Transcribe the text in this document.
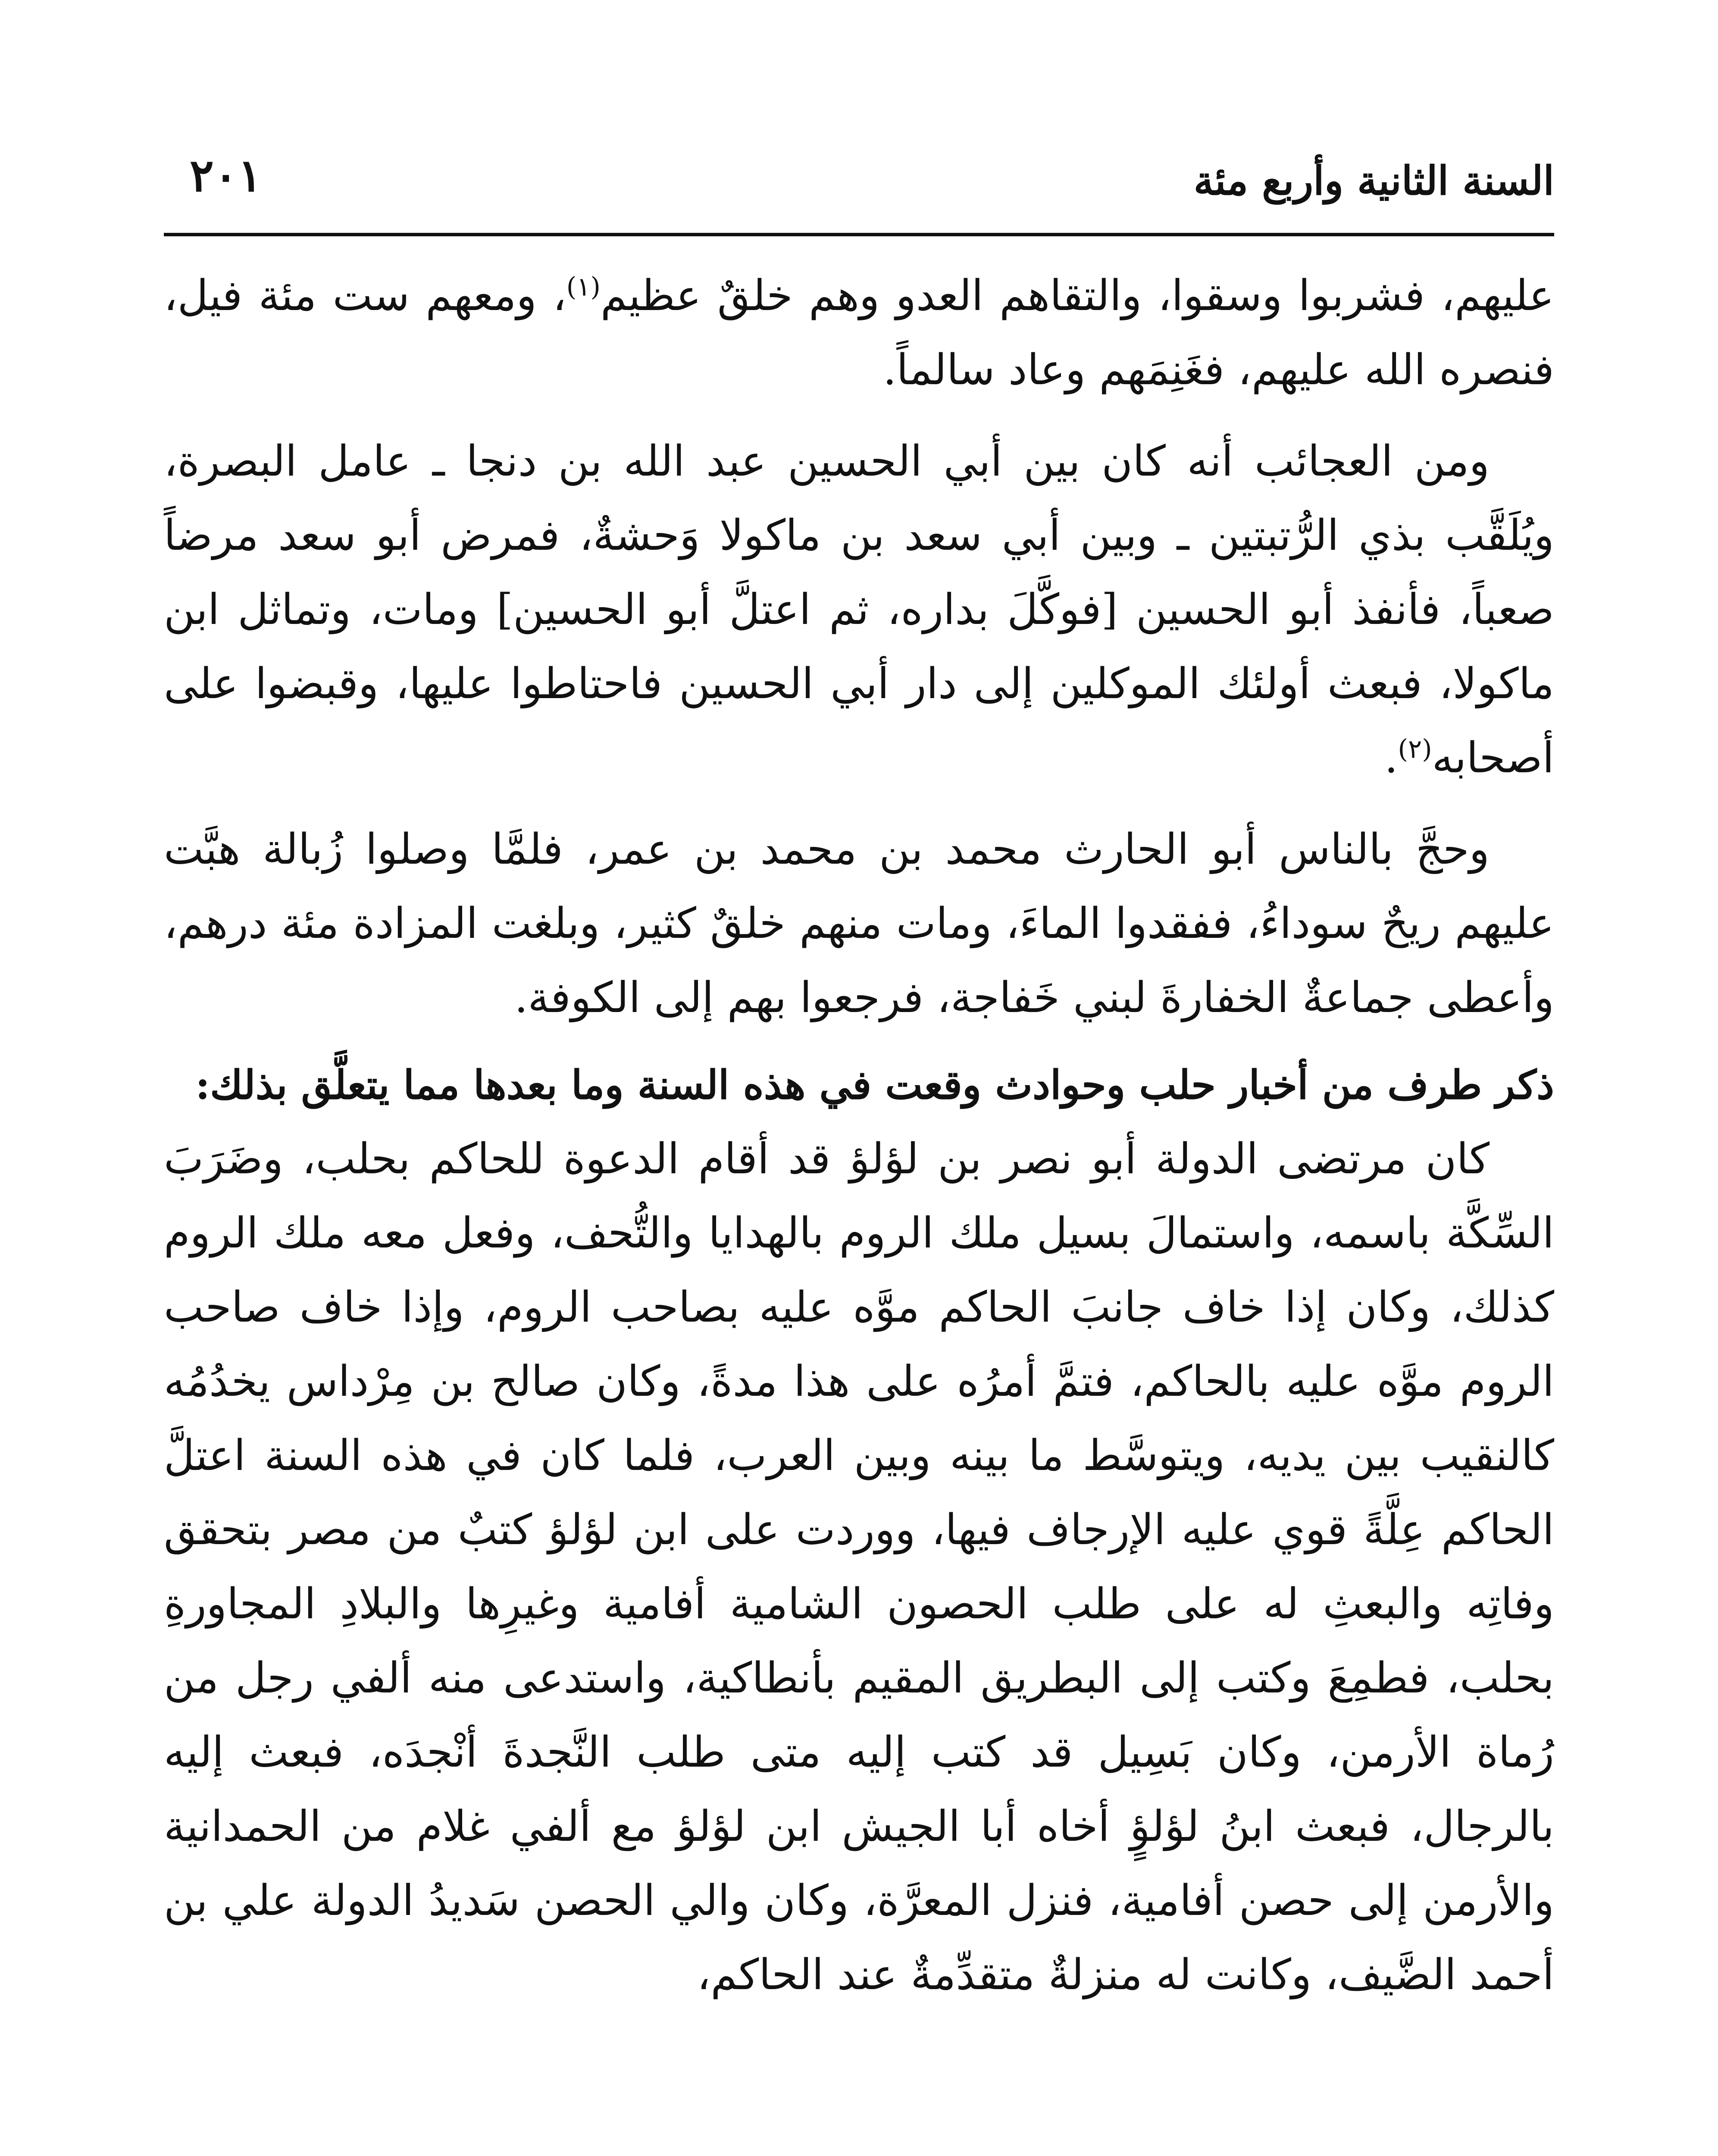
السنة الثانية وأربع مئة
٢٠١

عليهم، فشربوا وسقوا، والتقاهم العدو وهم خلقٌ عظيم$^{(١)}$، ومعهم ست مئة فيل، فنصره الله عليهم، فغَنِمَهم وعاد سالماً.

ومن العجائب أنه كان بين أبي الحسين عبد الله بن دنجا ـ عامل البصرة، ويُلَقَّب بذي الرُّتبتين ـ وبين أبي سعد بن ماكولا وَحشةٌ، فمرض أبو سعد مرضاً صعباً، فأنفذ أبو الحسين [فوكَّلَ بداره، ثم اعتلَّ أبو الحسين] ومات، وتماثل ابن ماكولا، فبعث أولئك الموكلين إلى دار أبي الحسين فاحتاطوا عليها، وقبضوا على أصحابه$^{(٢)}$.

وحجَّ بالناس أبو الحارث محمد بن محمد بن عمر، فلمَّا وصلوا زُبالة هبَّت عليهم ريحٌ سوداءُ، ففقدوا الماءَ، ومات منهم خلقٌ كثير، وبلغت المزادة مئة درهم، وأعطى جماعةٌ الخفارةَ لبني خَفاجة، فرجعوا بهم إلى الكوفة.

ذكر طرف من أخبار حلب وحوادث وقعت في هذه السنة وما بعدها مما يتعلَّق بذلك:

كان مرتضى الدولة أبو نصر بن لؤلؤ قد أقام الدعوة للحاكم بحلب، وضَرَبَ السِّكَّة باسمه، واستمالَ بسيل ملك الروم بالهدايا والتُّحف، وفعل معه ملك الروم كذلك، وكان إذا خاف جانبَ الحاكم موَّه عليه بصاحب الروم، وإذا خاف صاحب الروم موَّه عليه بالحاكم، فتمَّ أمرُه على هذا مدةً، وكان صالح بن مِرْداس يخدُمُه كالنقيب بين يديه، ويتوسَّط ما بينه وبين العرب، فلما كان في هذه السنة اعتلَّ الحاكم عِلَّةً قوي عليه الإرجاف فيها، ووردت على ابن لؤلؤ كتبٌ من مصر بتحقق وفاتِه والبعثِ له على طلب الحصون الشامية أفامية وغيرِها والبلادِ المجاورةِ بحلب، فطمِعَ وكتب إلى البطريق المقيم بأنطاكية، واستدعى منه ألفي رجل من رُماة الأرمن، وكان بَسِيل قد كتب إليه متى طلب النَّجدةَ أنْجدَه، فبعث إليه بالرجال، فبعث ابنُ لؤلؤٍ أخاه أبا الجيش ابن لؤلؤ مع ألفي غلام من الحمدانية والأرمن إلى حصن أفامية، فنزل المعرَّة، وكان والي الحصن سَديدُ الدولة علي بن أحمد الضَّيف، وكانت له منزلةٌ متقدِّمةٌ عند الحاكم،
